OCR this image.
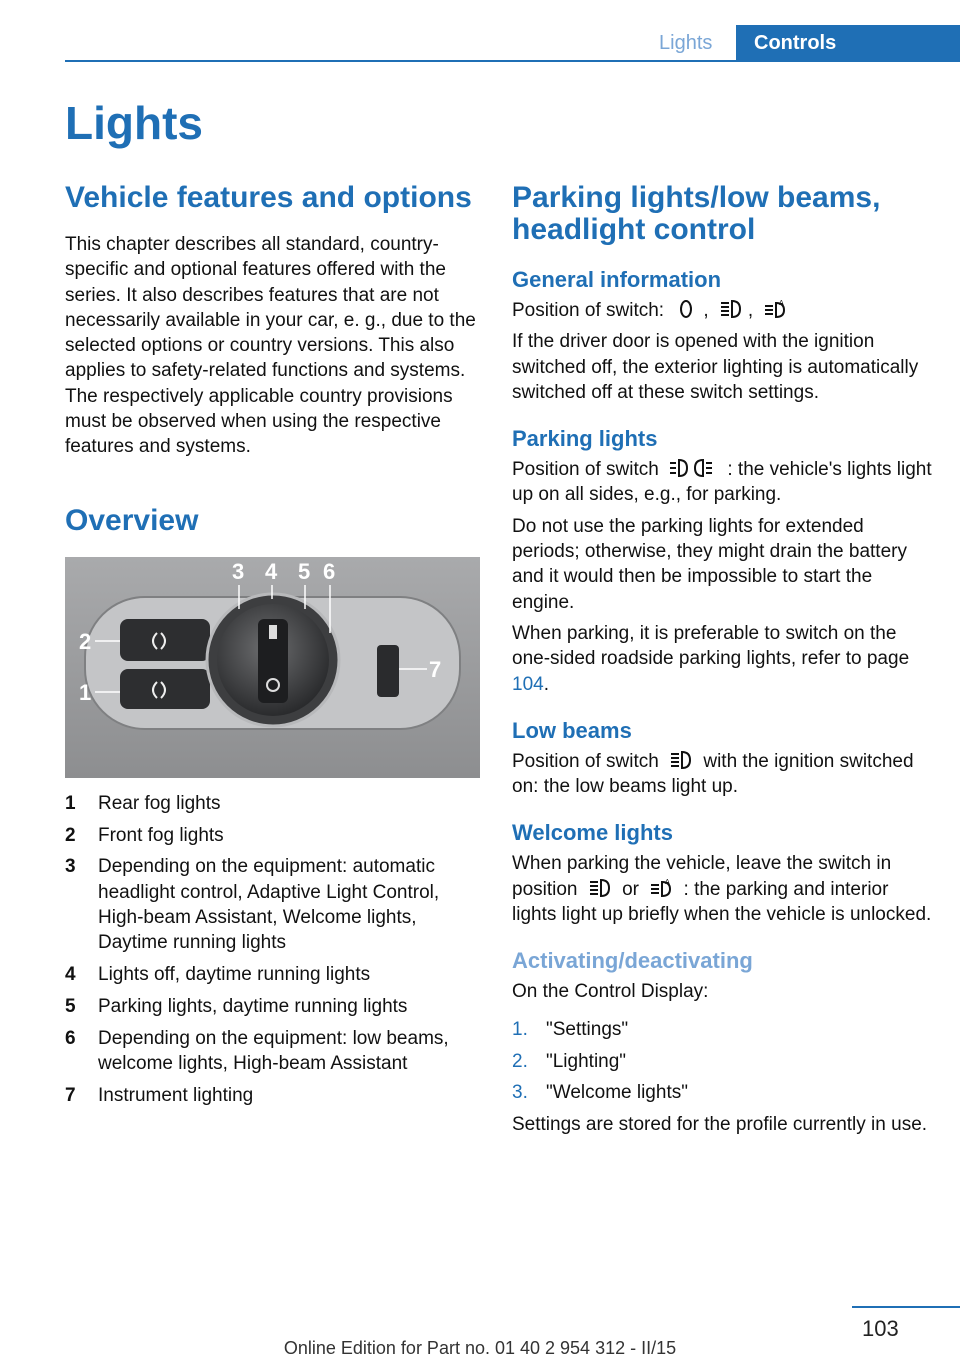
Lights	Controls
Lights
Vehicle features and options

This chapter describes all standard, country-specific and optional features offered with the series. It also describes features that are not necessarily available in your car, e. g., due to the selected options or country versions. This also applies to safety-related functions and systems. The respectively applicable country provisions must be observed when using the respective features and systems.

Overview
1
2
3 4 5 6
7
1	Rear fog lights
2	Front fog lights
3	Depending on the equipment: automatic headlight control, Adaptive Light Control, High-beam Assistant, Welcome lights, Daytime running lights
4	Lights off, daytime running lights
5	Parking lights, daytime running lights
6	Depending on the equipment: low beams, welcome lights, High-beam Assistant
7	Instrument lighting
Parking lights/low beams, headlight control
General information

Position of switch: , ,	A

If the driver door is opened with the ignition switched off, the exterior lighting is automatically switched off at these switch settings.

Parking lights

Position of switch	: the vehicle's lights light up on all sides, e.g., for parking.

Do not use the parking lights for extended periods; otherwise, they might drain the battery and it would then be impossible to start the engine.

When parking, it is preferable to switch on the one-sided roadside parking lights, refer to page 104.

Low beams

Position of switch with the ignition switched on: the low beams light up.

Welcome lights

When parking the vehicle, leave the switch in position or	A : the parking and interior lights light up briefly when the vehicle is unlocked.

Activating/deactivating

On the Control Display:

1. "Settings"
2. "Lighting"
3. "Welcome lights"

Settings are stored for the profile currently in use.

103
Online Edition for Part no. 01 40 2 954 312 - II/15
